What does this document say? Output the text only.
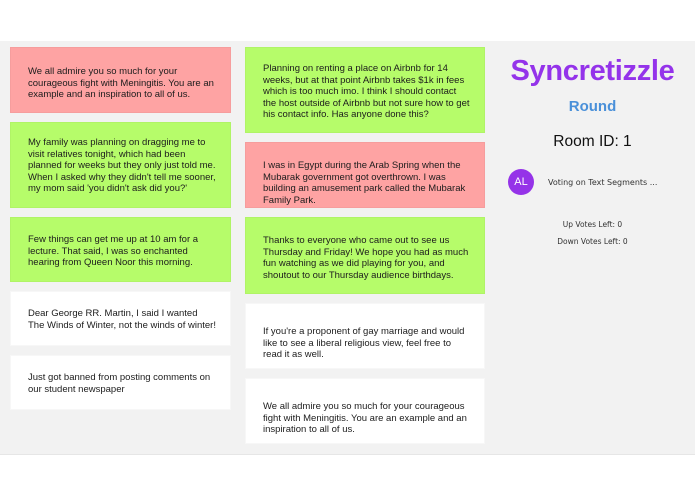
We all admire you so much for your courageous fight with Meningitis. You are an example and an inspiration to all of us.
My family was planning on dragging me to visit relatives tonight, which had been planned for weeks but they only just told me. When I asked why they didn't tell me sooner, my mom said 'you didn't ask did you?'
Few things can get me up at 10 am for a lecture. That said, I was so enchanted hearing from Queen Noor this morning.
Dear George RR. Martin, I said I wanted The Winds of Winter, not the winds of winter!
Just got banned from posting comments on our student newspaper
Planning on renting a place on Airbnb for 14 weeks, but at that point Airbnb takes $1k in fees which is too much imo. I think I should contact the host outside of Airbnb but not sure how to get his contact info. Has anyone done this?
I was in Egypt during the Arab Spring when the Mubarak government got overthrown. I was building an amusement park called the Mubarak Family Park.
Thanks to everyone who came out to see us Thursday and Friday! We hope you had as much fun watching as we did playing for you, and shoutout to our Thursday audience birthdays.
If you're a proponent of gay marriage and would like to see a liberal religious view, feel free to read it as well.
We all admire you so much for your courageous fight with Meningitis. You are an example and an inspiration to all of us.
Syncretizzle
Round
Room ID: 1
AL	Voting on Text Segments ...
Up Votes Left: 0
Down Votes Left: 0
